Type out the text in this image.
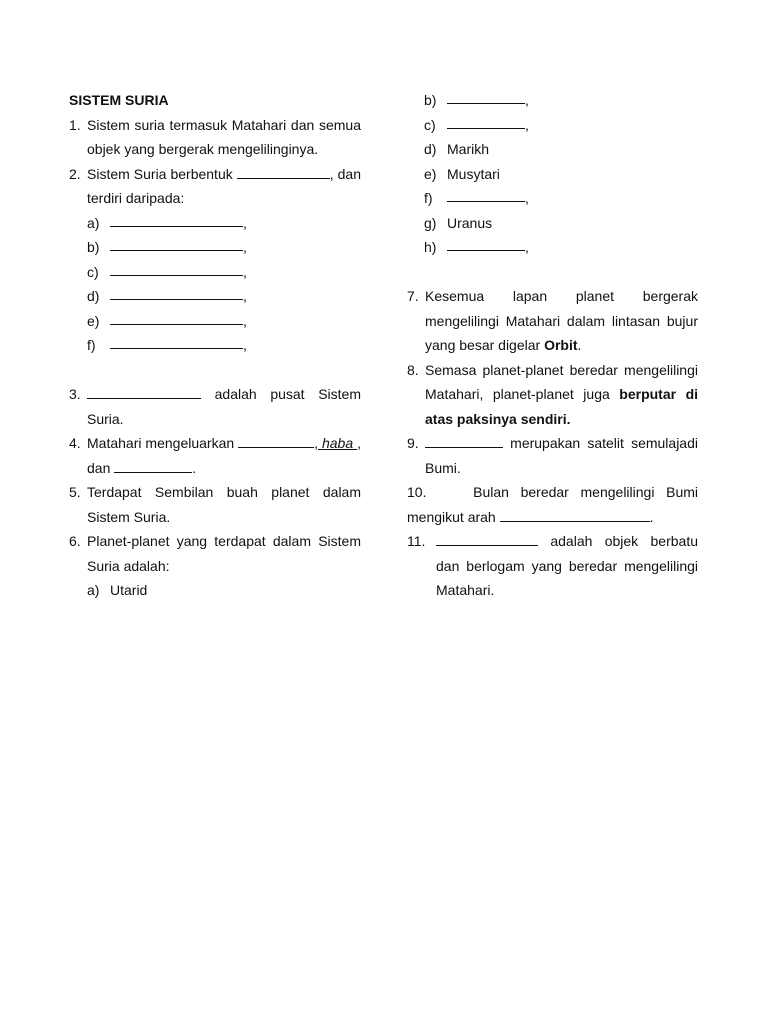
SISTEM SURIA
1. Sistem suria termasuk Matahari dan semua objek yang bergerak mengelilinginya.
2. Sistem Suria berbentuk	, dan terdiri daripada:
a)	,
b)	,
c)	,
d)	,
e)	,
f)	,
3.	adalah pusat Sistem Suria.
4. Matahari mengeluarkan	, haba , dan	.
5. Terdapat Sembilan buah planet dalam Sistem Suria.
6. Planet-planet yang terdapat dalam Sistem Suria adalah:
a) Utarid
b)	,
c)	,
d) Marikh
e) Musytari
f)	,
g) Uranus
h)	,
7. Kesemua lapan planet bergerak mengelilingi Matahari dalam lintasan bujur yang besar digelar Orbit.
8. Semasa planet-planet beredar mengelilingi Matahari, planet-planet juga berputar di atas paksinya sendiri.
9.	merupakan satelit semulajadi Bumi.
10.	Bulan beredar mengelilingi Bumi mengikut arah	.
11.	adalah objek berbatu dan berlogam yang beredar mengelilingi Matahari.
